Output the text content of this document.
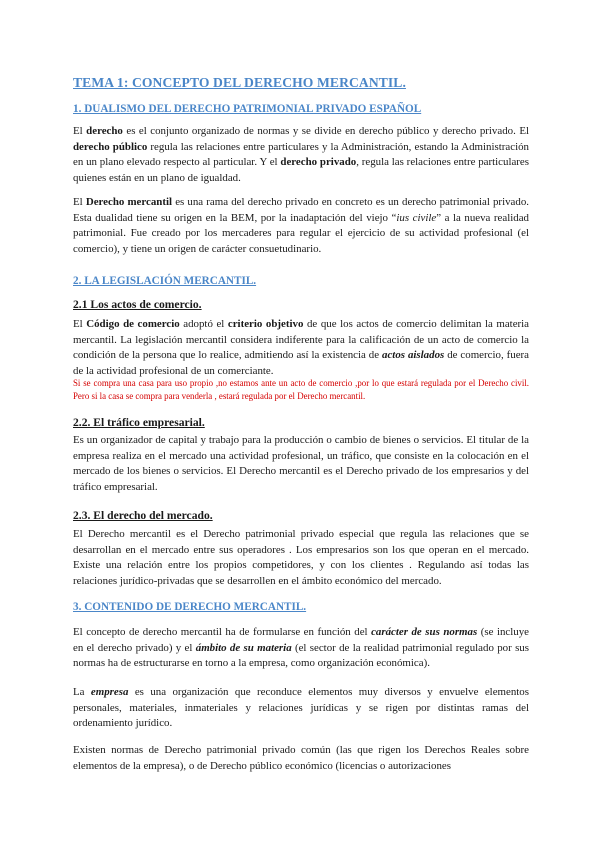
TEMA 1: CONCEPTO DEL DERECHO MERCANTIL.
1. DUALISMO DEL DERECHO PATRIMONIAL PRIVADO ESPAÑOL

El derecho es el conjunto organizado de normas y se divide en derecho público y derecho privado. El derecho público regula las relaciones entre particulares y la Administración, estando la Administración en un plano elevado respecto al particular. Y el derecho privado, regula las relaciones entre particulares quienes están en un plano de igualdad.

El Derecho mercantil es una rama del derecho privado en concreto es un derecho patrimonial privado. Esta dualidad tiene su origen en la BEM, por la inadaptación del viejo “ius civile” a la nueva realidad patrimonial. Fue creado por los mercaderes para regular el ejercicio de su actividad profesional (el comercio), y tiene un origen de carácter consuetudinario.

2. LA LEGISLACIÓN MERCANTIL.
2.1 Los actos de comercio.

El Código de comercio adoptó el criterio objetivo de que los actos de comercio delimitan la materia mercantil. La legislación mercantil considera indiferente para la calificación de un acto de comercio la condición de la persona que lo realice, admitiendo así la existencia de actos aislados de comercio, fuera de la actividad profesional de un comerciante.

Si se compra una casa para uso propio ,no estamos ante un acto de comercio ,por lo que estará regulada por el Derecho civil. Pero si la casa se compra para venderla , estará regulada por el Derecho mercantil.

2.2. El tráfico empresarial.

Es un organizador de capital y trabajo para la producción o cambio de bienes o servicios. El titular de la empresa realiza en el mercado una actividad profesional, un tráfico, que consiste en la colocación en el mercado de los bienes o servicios. El Derecho mercantil es el Derecho privado de los empresarios y del tráfico empresarial.

2.3. El derecho del mercado.

El Derecho mercantil es el Derecho patrimonial privado especial que regula las relaciones que se desarrollan en el mercado entre sus operadores . Los empresarios son los que operan en el mercado. Existe una relación entre los propios competidores, y con los clientes . Regulando así todas las relaciones jurídico-privadas que se desarrollen en el ámbito económico del mercado.

3. CONTENIDO DE DERECHO MERCANTIL.

El concepto de derecho mercantil ha de formularse en función del carácter de sus normas (se incluye en el derecho privado) y el ámbito de su materia (el sector de la realidad patrimonial regulado por sus normas ha de estructurarse en torno a la empresa, como organización económica).

La empresa es una organización que reconduce elementos muy diversos y envuelve elementos personales, materiales, inmateriales y relaciones jurídicas y se rigen por distintas ramas del ordenamiento jurídico.

Existen normas de Derecho patrimonial privado común (las que rigen los Derechos Reales sobre elementos de la empresa), o de Derecho público económico (licencias o autorizaciones
